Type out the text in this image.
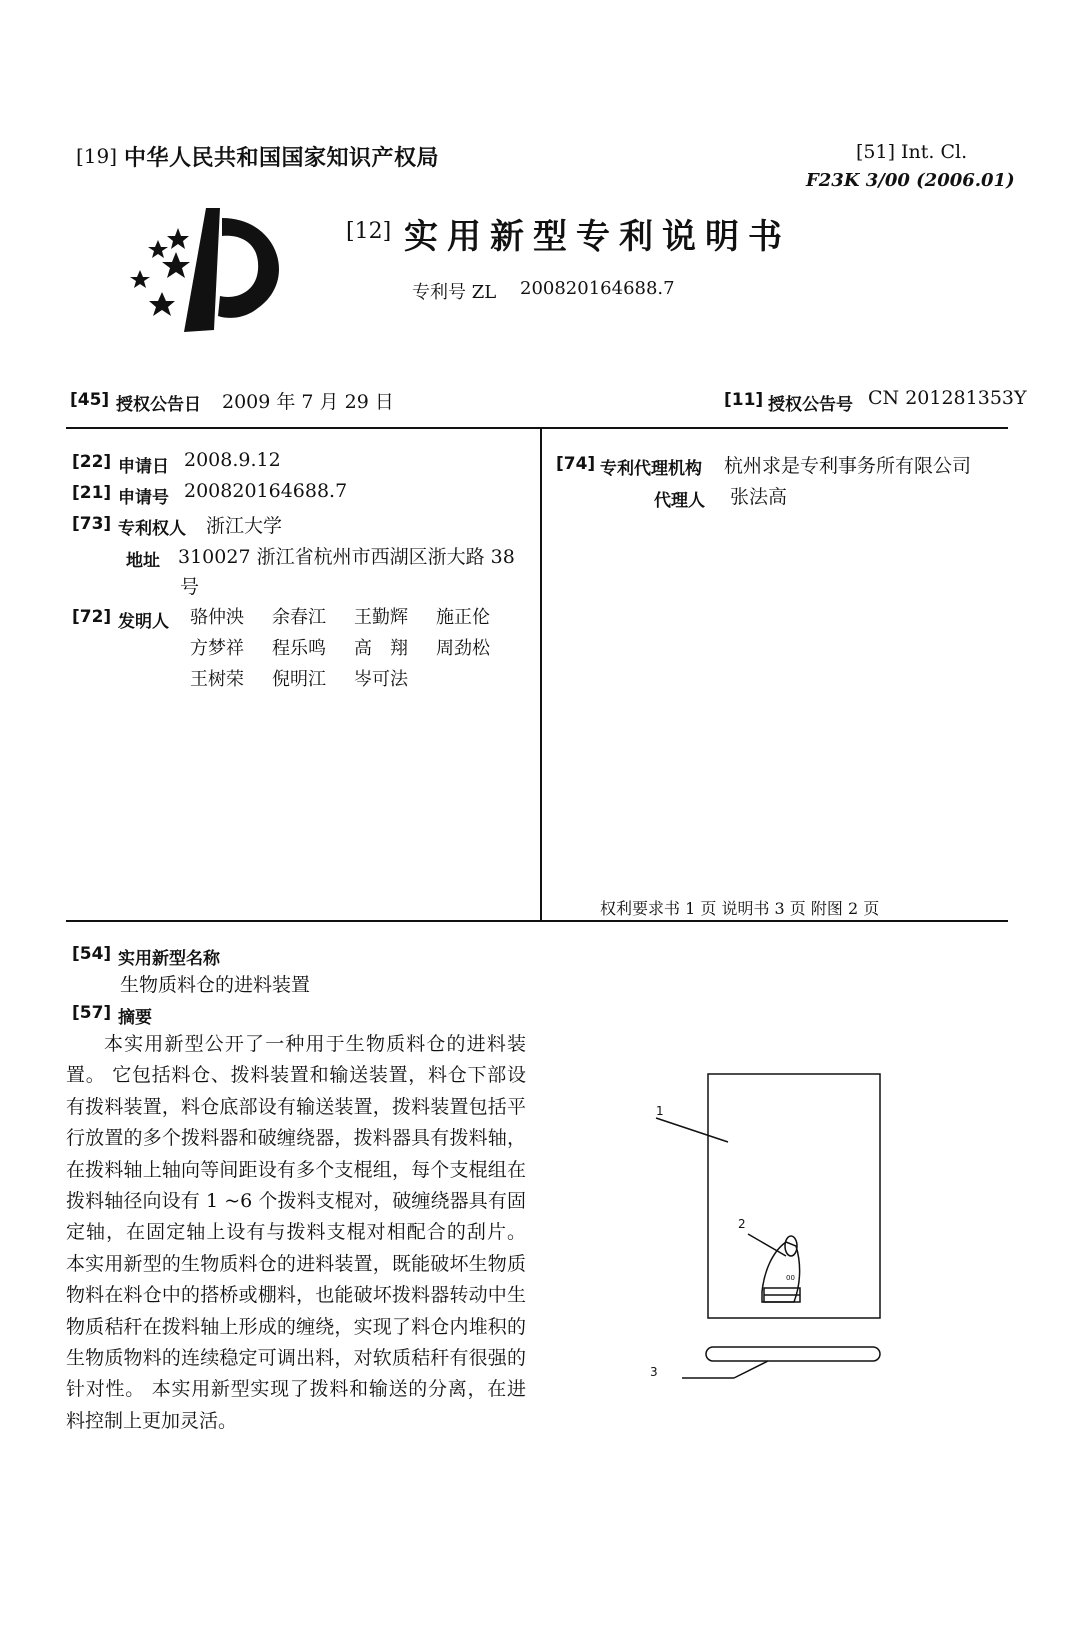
[19] 中华人民共和国国家知识产权局	[51] Int. Cl.
F23K 3/00 (2006.01)
[12] 实用新型专利说明书
专利号 ZL 200820164688.7
[45] 授权公告日 2009 年 7 月 29 日	[11] 授权公告号 CN 201281353Y
[22] 申请日 2008.9.12
[21] 申请号 200820164688.7
[73] 专利权人 浙江大学
地址 310027 浙江省杭州市西湖区浙大路 38
号
[72] 发明人 骆仲泱 余春江 王勤辉 施正伦
方梦祥 程乐鸣 高　翔 周劲松
王树荣 倪明江 岑可法
[74] 专利代理机构 杭州求是专利事务所有限公司
代理人 张法高
权利要求书 1 页 说明书 3 页 附图 2 页
[54] 实用新型名称
生物质料仓的进料装置
[57] 摘要
本实用新型公开了一种用于生物质料仓的进料装置。 它包括料仓、拨料装置和输送装置，料仓下部设有拨料装置，料仓底部设有输送装置，拨料装置包括平行放置的多个拨料器和破缠绕器，拨料器具有拨料轴，在拨料轴上轴向等间距设有多个支棍组，每个支棍组在拨料轴径向设有 1 ~6 个拨料支棍对，破缠绕器具有固定轴，在固定轴上设有与拨料支棍对相配合的刮片。 本实用新型的生物质料仓的进料装置，既能破坏生物质物料在料仓中的搭桥或棚料，也能破坏拨料器转动中生物质秸秆在拨料轴上形成的缠绕，实现了料仓内堆积的生物质物料的连续稳定可调出料，对软质秸秆有很强的针对性。 本实用新型实现了拨料和输送的分离，在进料控制上更加灵活。
1
2
3
00
